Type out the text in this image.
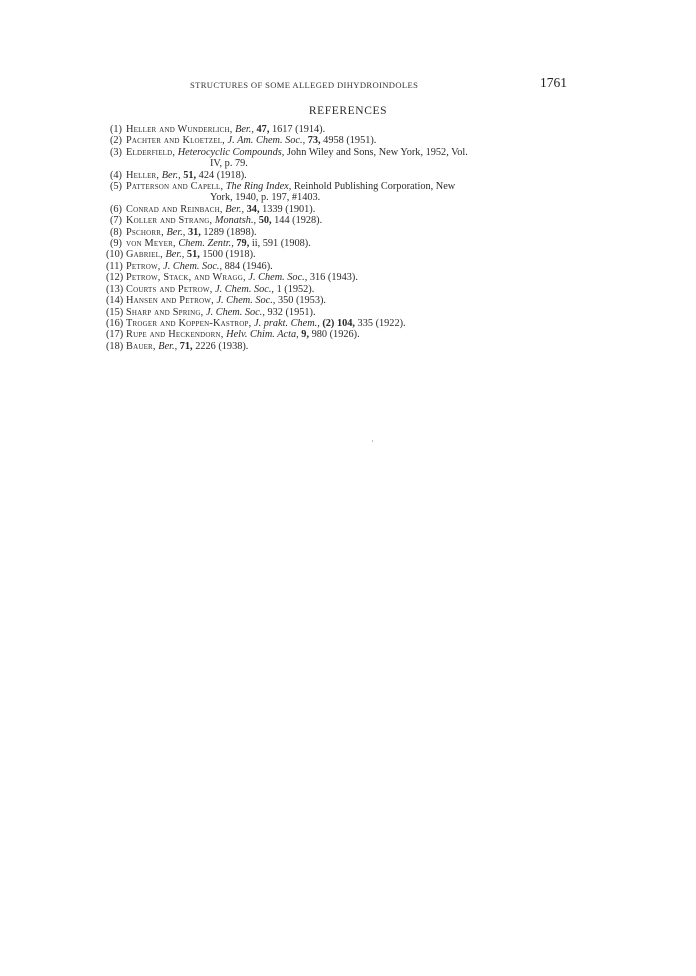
STRUCTURES OF SOME ALLEGED DIHYDROINDOLES	1761
REFERENCES
(1) Heller and Wunderlich, Ber., 47, 1617 (1914).
(2) Pachter and Kloetzel, J. Am. Chem. Soc., 73, 4958 (1951).
(3) Elderfield, Heterocyclic Compounds, John Wiley and Sons, New York, 1952, Vol.
IV, p. 79.
(4) Heller, Ber., 51, 424 (1918).
(5) Patterson and Capell, The Ring Index, Reinhold Publishing Corporation, New
York, 1940, p. 197, #1403.
(6) Conrad and Reinbach, Ber., 34, 1339 (1901).
(7) Koller and Strang, Monatsh., 50, 144 (1928).
(8) Pschorr, Ber., 31, 1289 (1898).
(9) von Meyer, Chem. Zentr., 79, ii, 591 (1908).
(10) Gabriel, Ber., 51, 1500 (1918).
(11) Petrow, J. Chem. Soc., 884 (1946).
(12) Petrow, Stack, and Wragg, J. Chem. Soc., 316 (1943).
(13) Courts and Petrow, J. Chem. Soc., 1 (1952).
(14) Hansen and Petrow, J. Chem. Soc., 350 (1953).
(15) Sharp and Spring, J. Chem. Soc., 932 (1951).
(16) Troger and Koppen-Kastrop, J. prakt. Chem., (2) 104, 335 (1922).
(17) Rupe and Heckendorn, Helv. Chim. Acta, 9, 980 (1926).
(18) Bauer, Ber., 71, 2226 (1938).
